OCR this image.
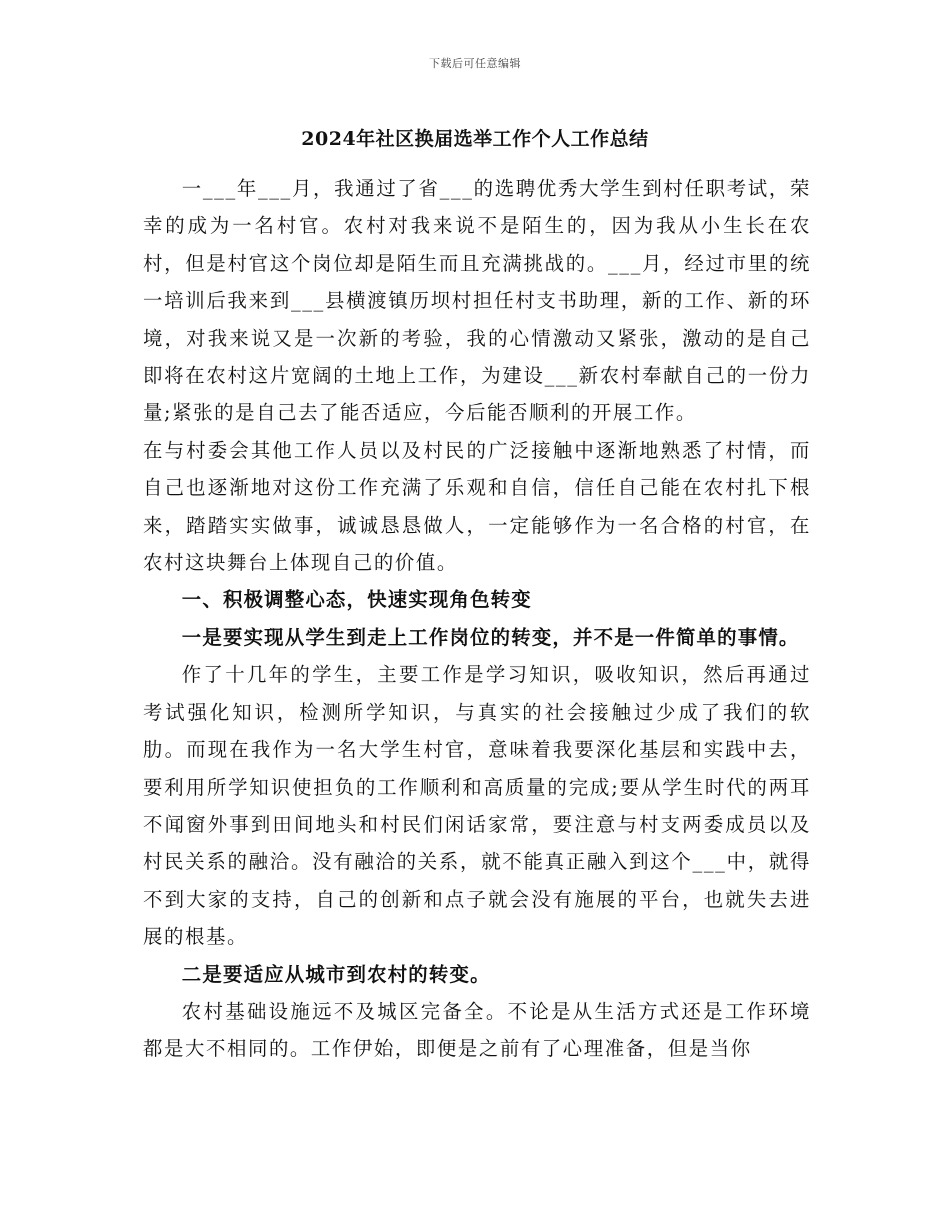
下载后可任意编辑
2024年社区换届选举工作个人工作总结

一___年___月，我通过了省___的选聘优秀大学生到村任职考试，荣幸的成为一名村官。农村对我来说不是陌生的，因为我从小生长在农村，但是村官这个岗位却是陌生而且充满挑战的。___月，经过市里的统一培训后我来到___县横渡镇历坝村担任村支书助理，新的工作、新的环境，对我来说又是一次新的考验，我的心情激动又紧张，激动的是自己即将在农村这片宽阔的土地上工作，为建设___新农村奉献自己的一份力量;紧张的是自己去了能否适应，今后能否顺利的开展工作。

在与村委会其他工作人员以及村民的广泛接触中逐渐地熟悉了村情，而自己也逐渐地对这份工作充满了乐观和自信，信任自己能在农村扎下根来，踏踏实实做事，诚诚恳恳做人，一定能够作为一名合格的村官，在农村这块舞台上体现自己的价值。

一、积极调整心态，快速实现角色转变

一是要实现从学生到走上工作岗位的转变，并不是一件简单的事情。

作了十几年的学生，主要工作是学习知识，吸收知识，然后再通过考试强化知识，检测所学知识，与真实的社会接触过少成了我们的软肋。而现在我作为一名大学生村官，意味着我要深化基层和实践中去，要利用所学知识使担负的工作顺利和高质量的完成;要从学生时代的两耳不闻窗外事到田间地头和村民们闲话家常，要注意与村支两委成员以及村民关系的融洽。没有融洽的关系，就不能真正融入到这个___中，就得不到大家的支持，自己的创新和点子就会没有施展的平台，也就失去进展的根基。

二是要适应从城市到农村的转变。

农村基础设施远不及城区完备全。不论是从生活方式还是工作环境都是大不相同的。工作伊始，即便是之前有了心理准备，但是当你
